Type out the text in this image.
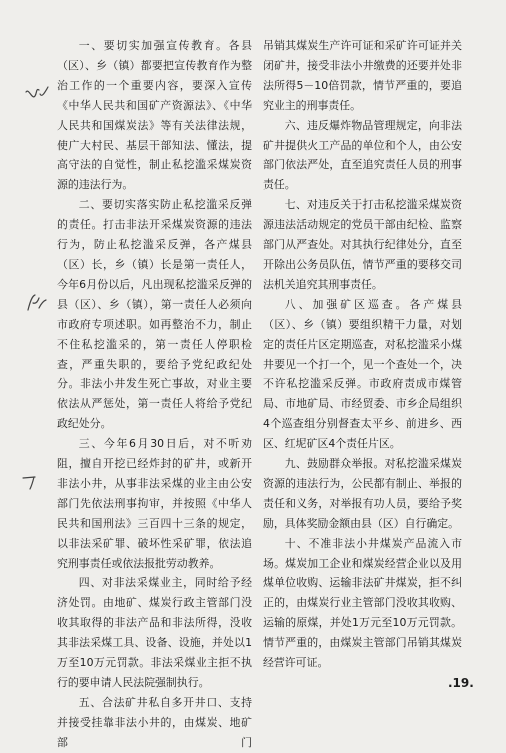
一、要切实加强宣传教育。各县（区）、乡（镇）都要把宣传教育作为整治工作的一个重要内容，要深入宣传《中华人民共和国矿产资源法》、《中华人民共和国煤炭法》等有关法律法规，使广大村民、基层干部知法、懂法，提高守法的自觉性，制止私挖滥采煤炭资源的违法行为。

二、要切实落实防止私挖滥采反弹的责任。打击非法开采煤炭资源的违法行为，防止私挖滥采反弹，各产煤县（区）长，乡（镇）长是第一责任人，今年6月份以后，凡出现私挖滥采反弹的县（区）、乡（镇），第一责任人必须向市政府专项述职。如再整治不力，制止不住私挖滥采的，第一责任人停职检查，严重失职的，要给予党纪政纪处分。非法小井发生死亡事故，对业主要依法从严惩处，第一责任人将给予党纪政纪处分。

三、今年6月30日后，对不听劝阻，擅自开挖已经炸封的矿井，或新开非法小井，从事非法采煤的业主由公安部门先依法刑事拘审，并按照《中华人民共和国刑法》三百四十三条的规定，以非法采矿罪、破坏性采矿罪，依法追究刑事责任或依法报批劳动教养。

四、对非法采煤业主，同时给予经济处罚。由地矿、煤炭行政主管部门没收其取得的非法产品和非法所得，没收其非法采煤工具、设备、设施，并处以1万至10万元罚款。非法采煤业主拒不执行的要申请人民法院强制执行。

五、合法矿井私自多开井口、支持并接受挂靠非法小井的，由煤炭、地矿部门

吊销其煤炭生产许可证和采矿许可证并关闭矿井，接受非法小井缴费的还要并处非法所得5－10倍罚款，情节严重的，要追究业主的刑事责任。

六、违反爆炸物品管理规定，向非法矿井提供火工产品的单位和个人，由公安部门依法严处，直至追究责任人员的刑事责任。

七、对违反关于打击私挖滥采煤炭资源违法活动规定的党员干部由纪检、监察部门从严查处。对其执行纪律处分，直至开除出公务员队伍，情节严重的要移交司法机关追究其刑事责任。

八、加强矿区巡查。各产煤县（区）、乡（镇）要组织精干力量，对划定的责任片区定期巡查，对私挖滥采小煤井要见一个打一个，见一个查处一个，决不许私挖滥采反弹。市政府责成市煤管局、市地矿局、市经贸委、市乡企局组织4个巡查组分别督查太平乡、前进乡、西区、红坭矿区4个责任片区。

九、鼓励群众举报。对私挖滥采煤炭资源的违法行为，公民都有制止、举报的责任和义务，对举报有功人员，要给予奖励，具体奖励金额由县（区）自行确定。

十、不准非法小井煤炭产品流入市场。煤炭加工企业和煤炭经营企业以及用煤单位收购、运输非法矿井煤炭，拒不纠正的，由煤炭行业主管部门没收其收购、运输的原煤，并处1万元至10万元罚款。情节严重的，由煤炭主管部门吊销其煤炭经营许可证。

.19.
